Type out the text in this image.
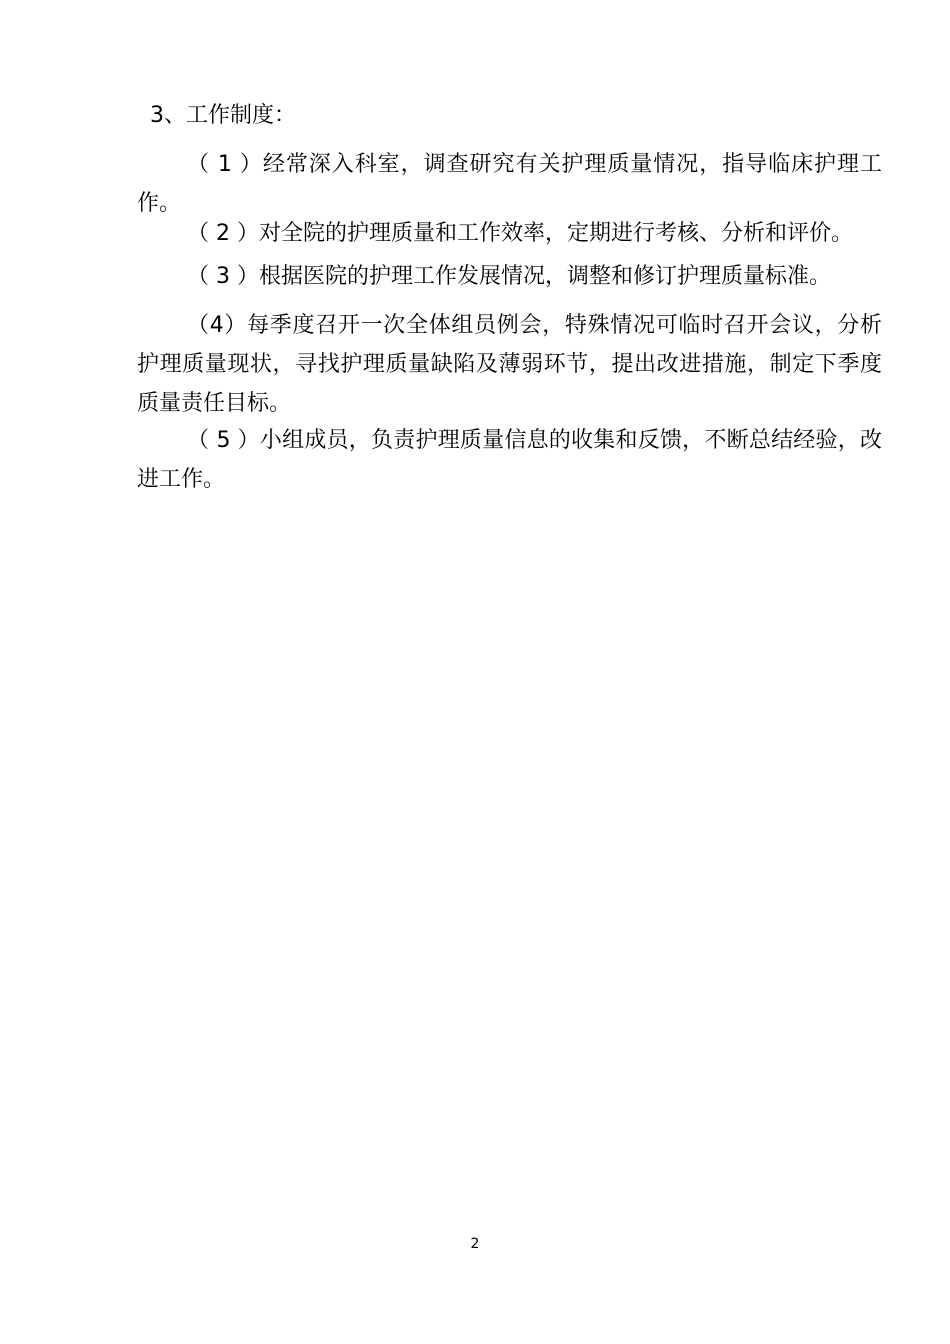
3、工作制度：

（ 1 ）经常深入科室，调查研究有关护理质量情况，指导临床护理工作。

（ 2 ）对全院的护理质量和工作效率，定期进行考核、分析和评价。

（ 3 ）根据医院的护理工作发展情况，调整和修订护理质量标准。

（4）每季度召开一次全体组员例会，特殊情况可临时召开会议，分析护理质量现状，寻找护理质量缺陷及薄弱环节，提出改进措施，制定下季度质量责任目标。

（ 5 ）小组成员，负责护理质量信息的收集和反馈，不断总结经验，改进工作。

2
